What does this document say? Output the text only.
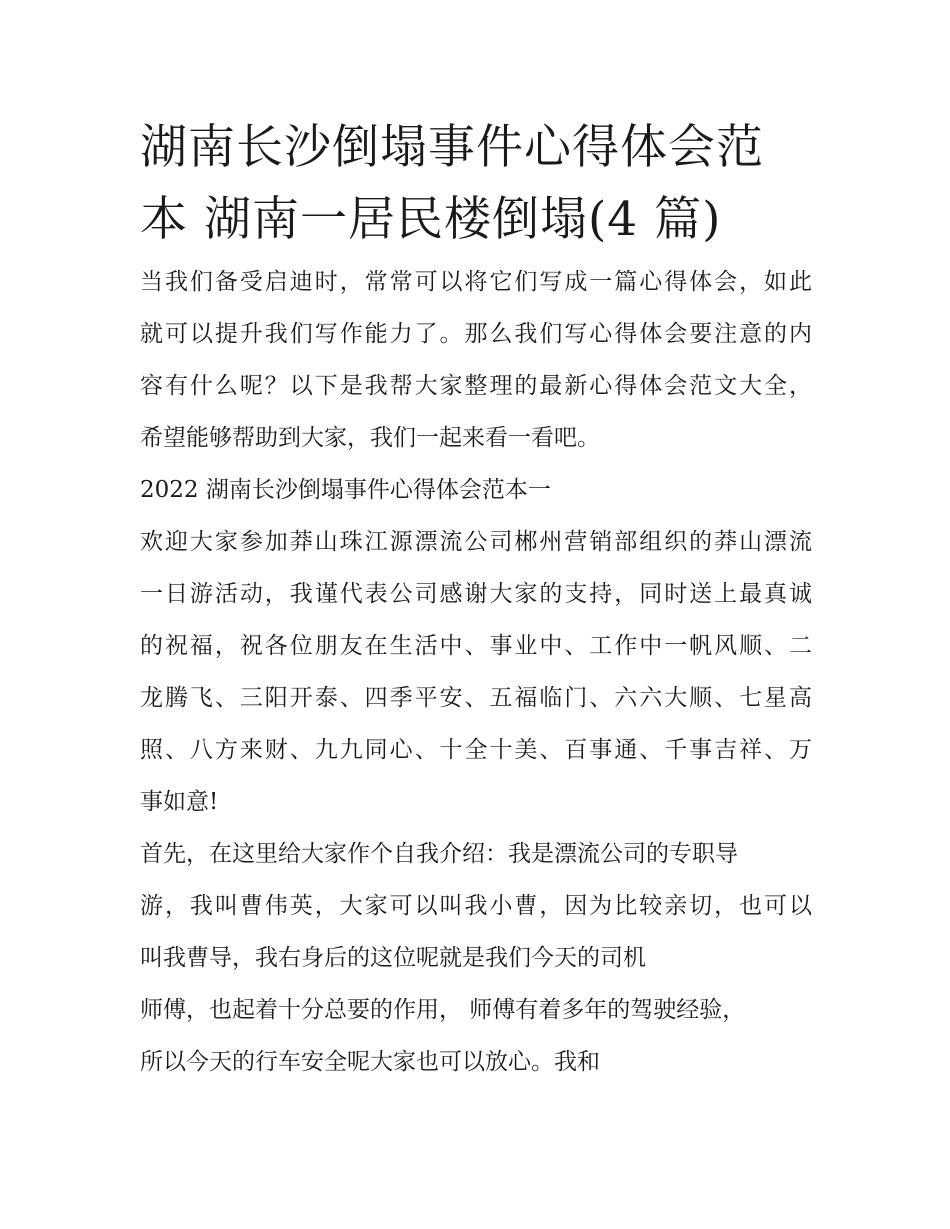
湖南长沙倒塌事件心得体会范
本 湖南一居民楼倒塌(4 篇)

当我们备受启迪时，常常可以将它们写成一篇心得体会，如此
就可以提升我们写作能力了。那么我们写心得体会要注意的内
容有什么呢？以下是我帮大家整理的最新心得体会范文大全，
希望能够帮助到大家，我们一起来看一看吧。

2022 湖南长沙倒塌事件心得体会范本一

欢迎大家参加莽山珠江源漂流公司郴州营销部组织的莽山漂流
一日游活动，我谨代表公司感谢大家的支持，同时送上最真诚
的祝福，祝各位朋友在生活中、事业中、工作中一帆风顺、二
龙腾飞、三阳开泰、四季平安、五福临门、六六大顺、七星高
照、八方来财、九九同心、十全十美、百事通、千事吉祥、万
事如意!

首先，在这里给大家作个自我介绍：我是漂流公司的专职导
游，我叫曹伟英，大家可以叫我小曹，因为比较亲切，也可以
叫我曹导，我右身后的这位呢就是我们今天的司机
师傅，也起着十分总要的作用， 师傅有着多年的驾驶经验，
所以今天的行车安全呢大家也可以放心。我和
